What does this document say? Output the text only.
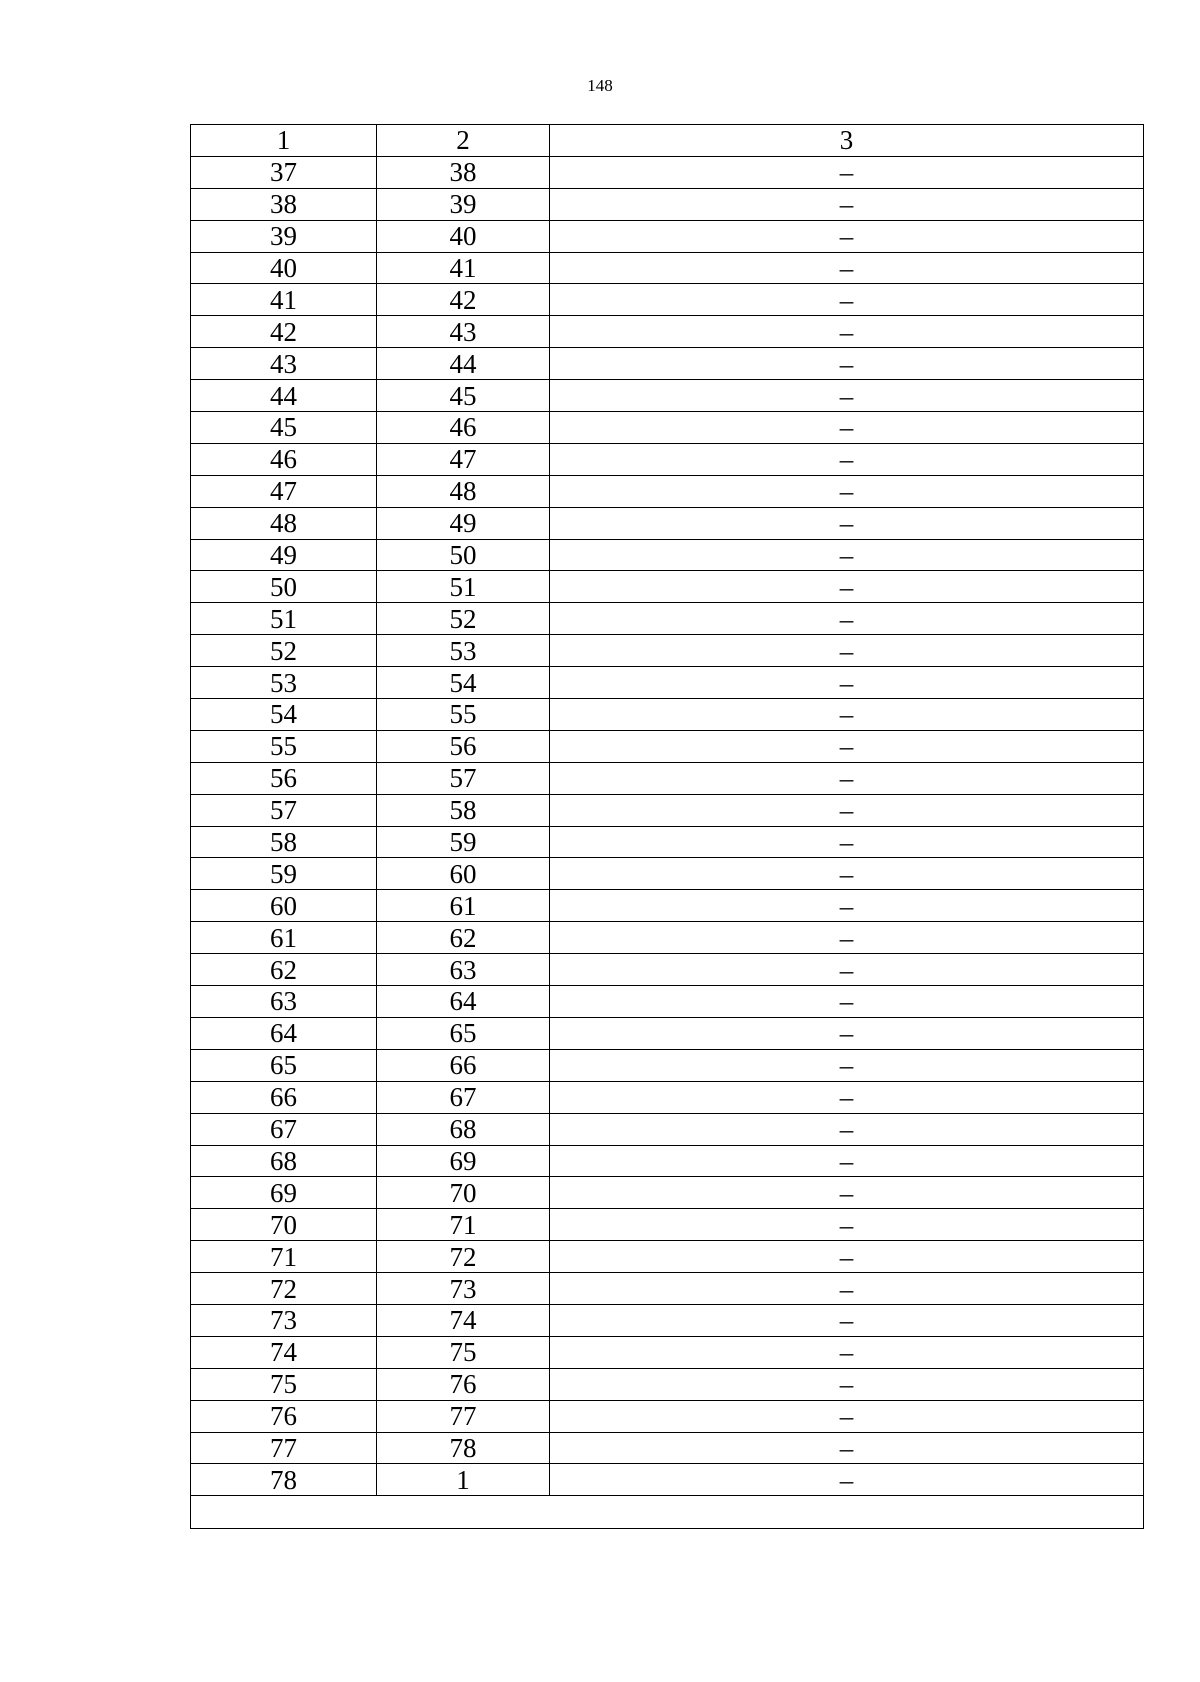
148
1	2	3
37	38	–
38	39	–
39	40	–
40	41	–
41	42	–
42	43	–
43	44	–
44	45	–
45	46	–
46	47	–
47	48	–
48	49	–
49	50	–
50	51	–
51	52	–
52	53	–
53	54	–
54	55	–
55	56	–
56	57	–
57	58	–
58	59	–
59	60	–
60	61	–
61	62	–
62	63	–
63	64	–
64	65	–
65	66	–
66	67	–
67	68	–
68	69	–
69	70	–
70	71	–
71	72	–
72	73	–
73	74	–
74	75	–
75	76	–
76	77	–
77	78	–
78	1	–
